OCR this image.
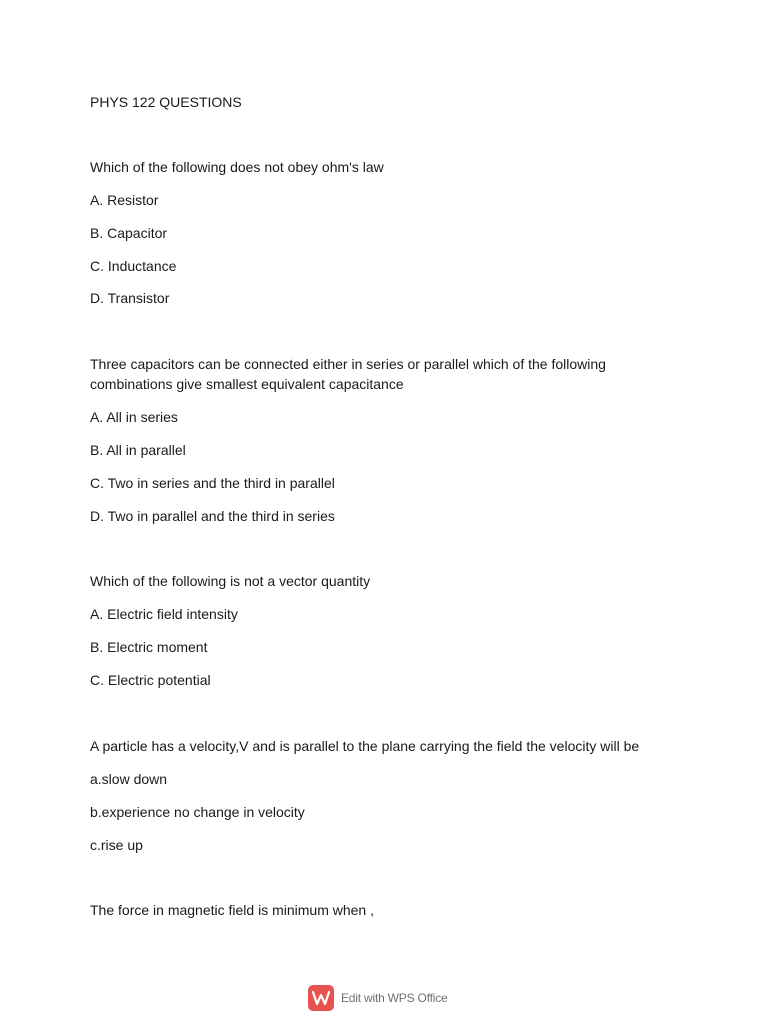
PHYS 122 QUESTIONS
Which of the following does not obey ohm's law
A. Resistor
B. Capacitor
C. Inductance
D. Transistor
Three capacitors can be connected either in series or parallel which of the following combinations give smallest equivalent capacitance
A. All in series
B. All in parallel
C. Two in series and the third in parallel
D. Two in parallel and the third in series
Which of the following is not a vector quantity
A. Electric field intensity
B. Electric moment
C. Electric potential
A particle has a velocity,V and is parallel to the plane carrying the field the velocity will be
a.slow down
b.experience no change in velocity
c.rise up
The force in magnetic field is minimum when ,
Edit with WPS Office
